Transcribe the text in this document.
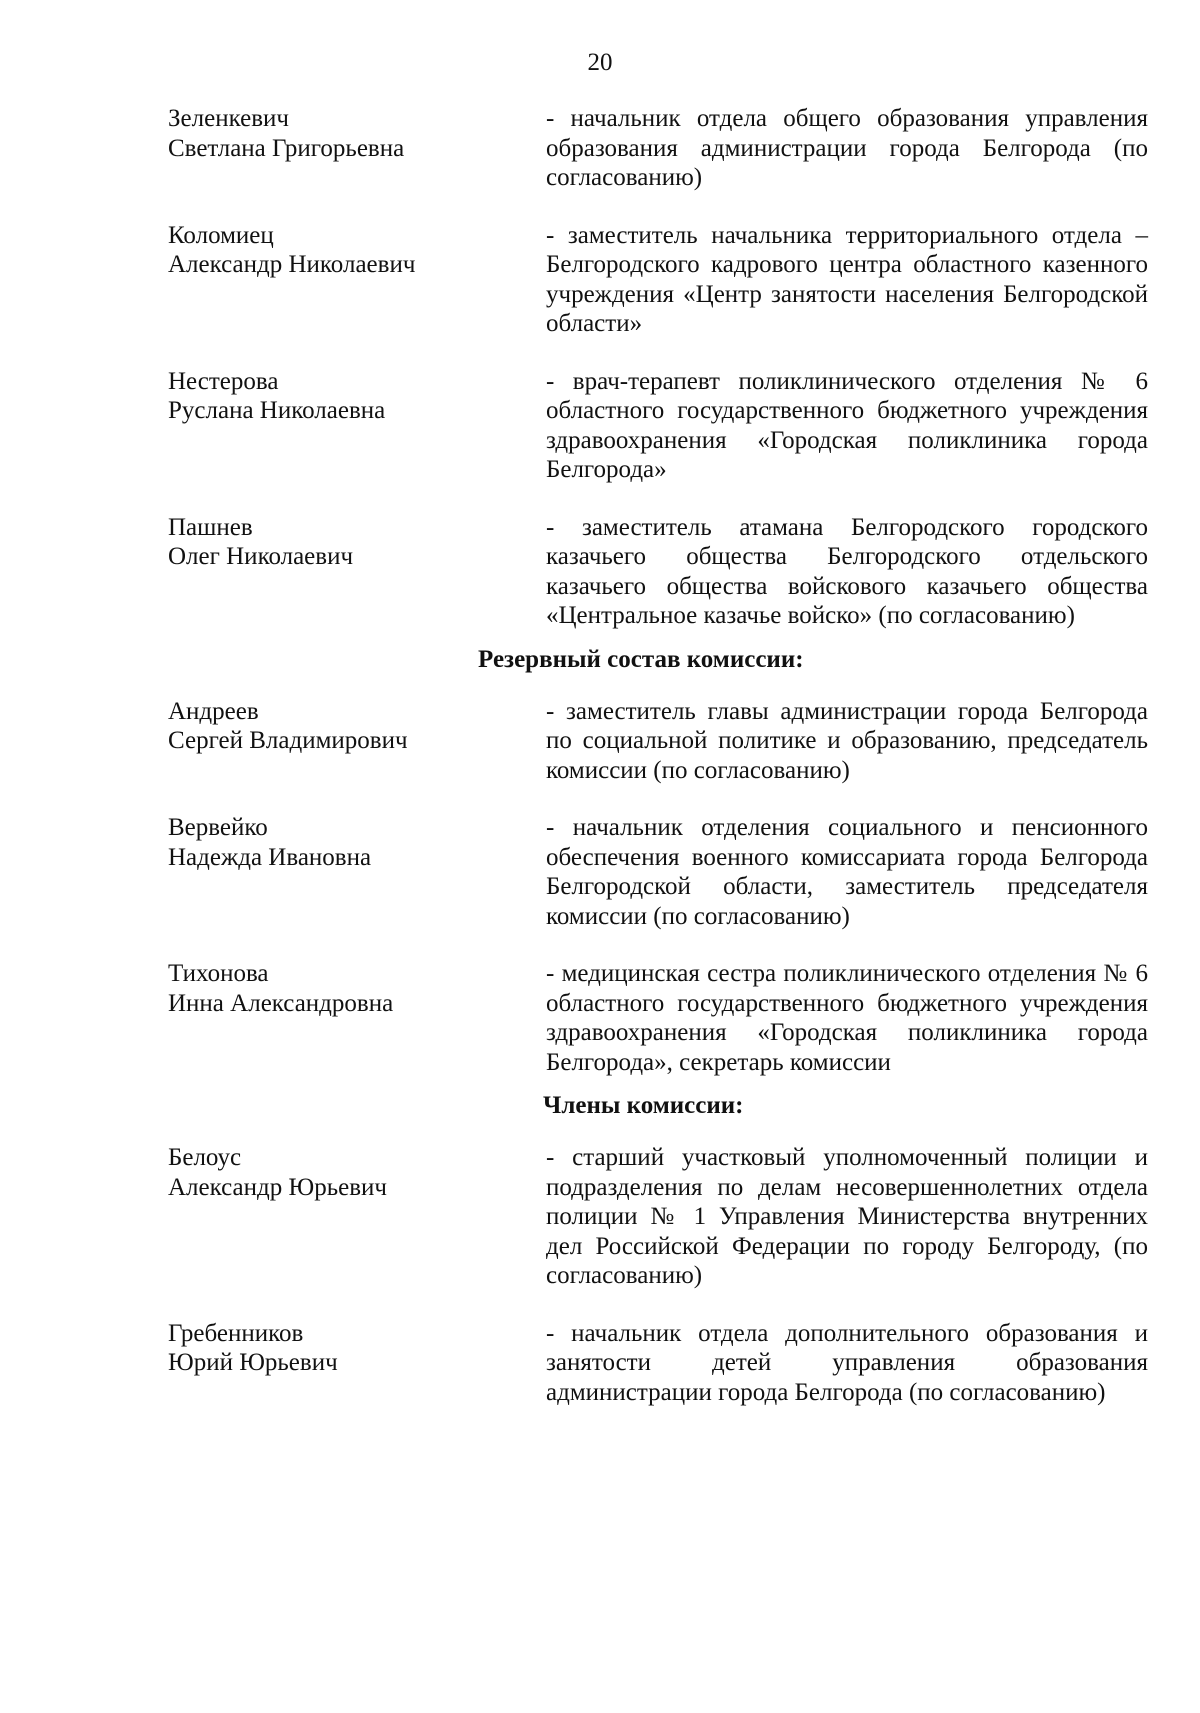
20
Зеленкевич
Светлана Григорьевна
- начальник отдела общего образования управления образования администрации города Белгорода (по согласованию)
Коломиец
Александр Николаевич
- заместитель начальника территориального отдела – Белгородского кадрового центра областного казенного учреждения «Центр занятости населения Белгородской области»
Нестерова
Руслана Николаевна
- врач-терапевт поликлинического отделения № 6 областного государственного бюджетного учреждения здравоохранения «Городская поликлиника города Белгорода»
Пашнев
Олег Николаевич
- заместитель атамана Белгородского городского казачьего общества Белгородского отдельского казачьего общества войскового казачьего общества «Центральное казачье войско» (по согласованию)
Резервный состав комиссии:
Андреев
Сергей Владимирович
- заместитель главы администрации города Белгорода по социальной политике и образованию, председатель комиссии (по согласованию)
Вервейко
Надежда Ивановна
- начальник отделения социального и пенсионного обеспечения военного комиссариата города Белгорода Белгородской области, заместитель председателя комиссии (по согласованию)
Тихонова
Инна Александровна
- медицинская сестра поликлинического отделения № 6 областного государственного бюджетного учреждения здравоохранения «Городская поликлиника города Белгорода», секретарь комиссии
Члены комиссии:
Белоус
Александр Юрьевич
- старший участковый уполномоченный полиции и подразделения по делам несовершеннолетних отдела полиции № 1 Управления Министерства внутренних дел Российской Федерации по городу Белгороду, (по согласованию)
Гребенников
Юрий Юрьевич
- начальник отдела дополнительного образования и занятости детей управления образования администрации города Белгорода (по согласованию)
